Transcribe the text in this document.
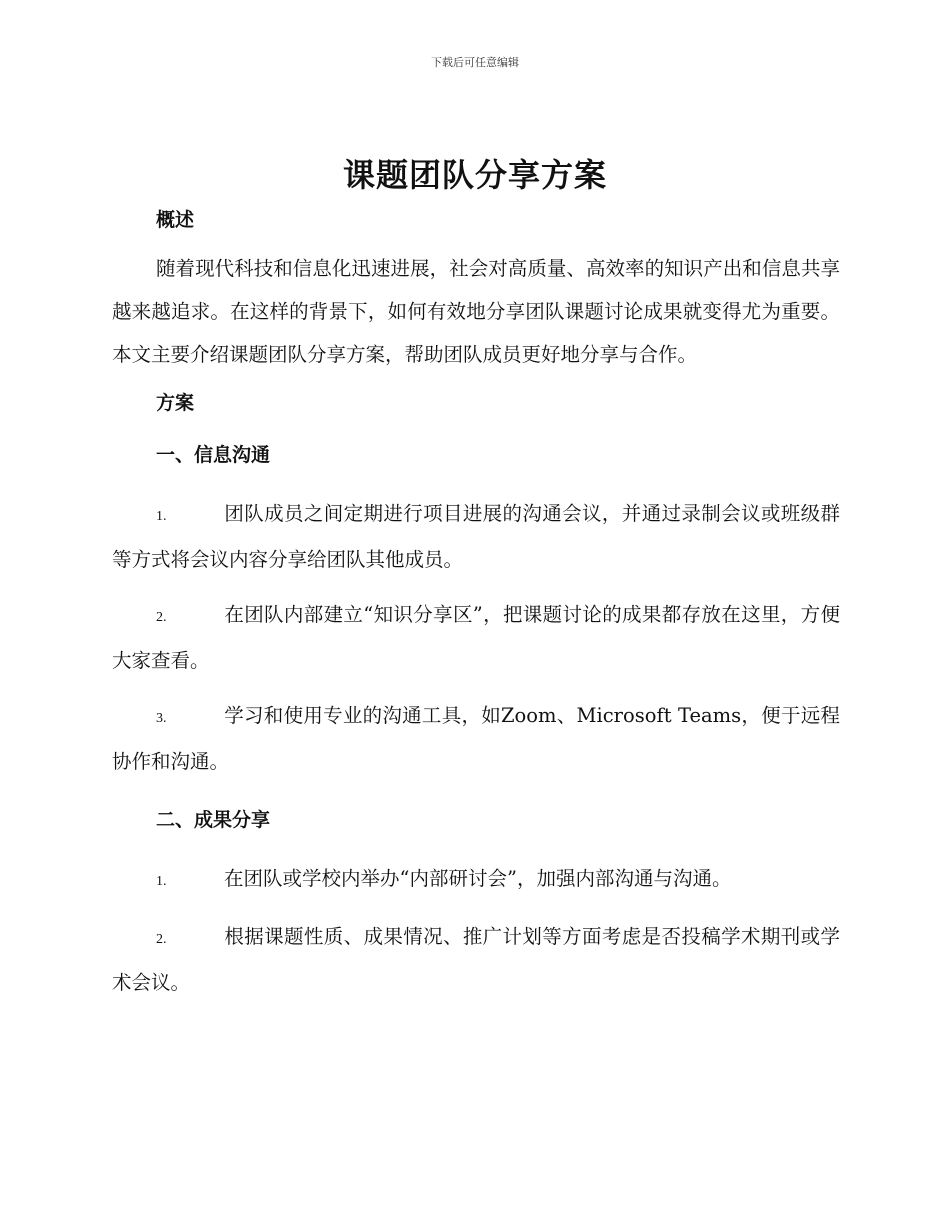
下载后可任意编辑
课题团队分享方案

概述

随着现代科技和信息化迅速进展，社会对高质量、高效率的知识产出和信息共享越来越追求。在这样的背景下，如何有效地分享团队课题讨论成果就变得尤为重要。本文主要介绍课题团队分享方案，帮助团队成员更好地分享与合作。

方案

一、信息沟通

1.	团队成员之间定期进行项目进展的沟通会议，并通过录制会议或班级群等方式将会议内容分享给团队其他成员。

2.	在团队内部建立“知识分享区”，把课题讨论的成果都存放在这里，方便大家查看。

3.	学习和使用专业的沟通工具，如Zoom、Microsoft Teams，便于远程协作和沟通。

二、成果分享

1.	在团队或学校内举办“内部研讨会”，加强内部沟通与沟通。

2.	根据课题性质、成果情况、推广计划等方面考虑是否投稿学术期刊或学术会议。
